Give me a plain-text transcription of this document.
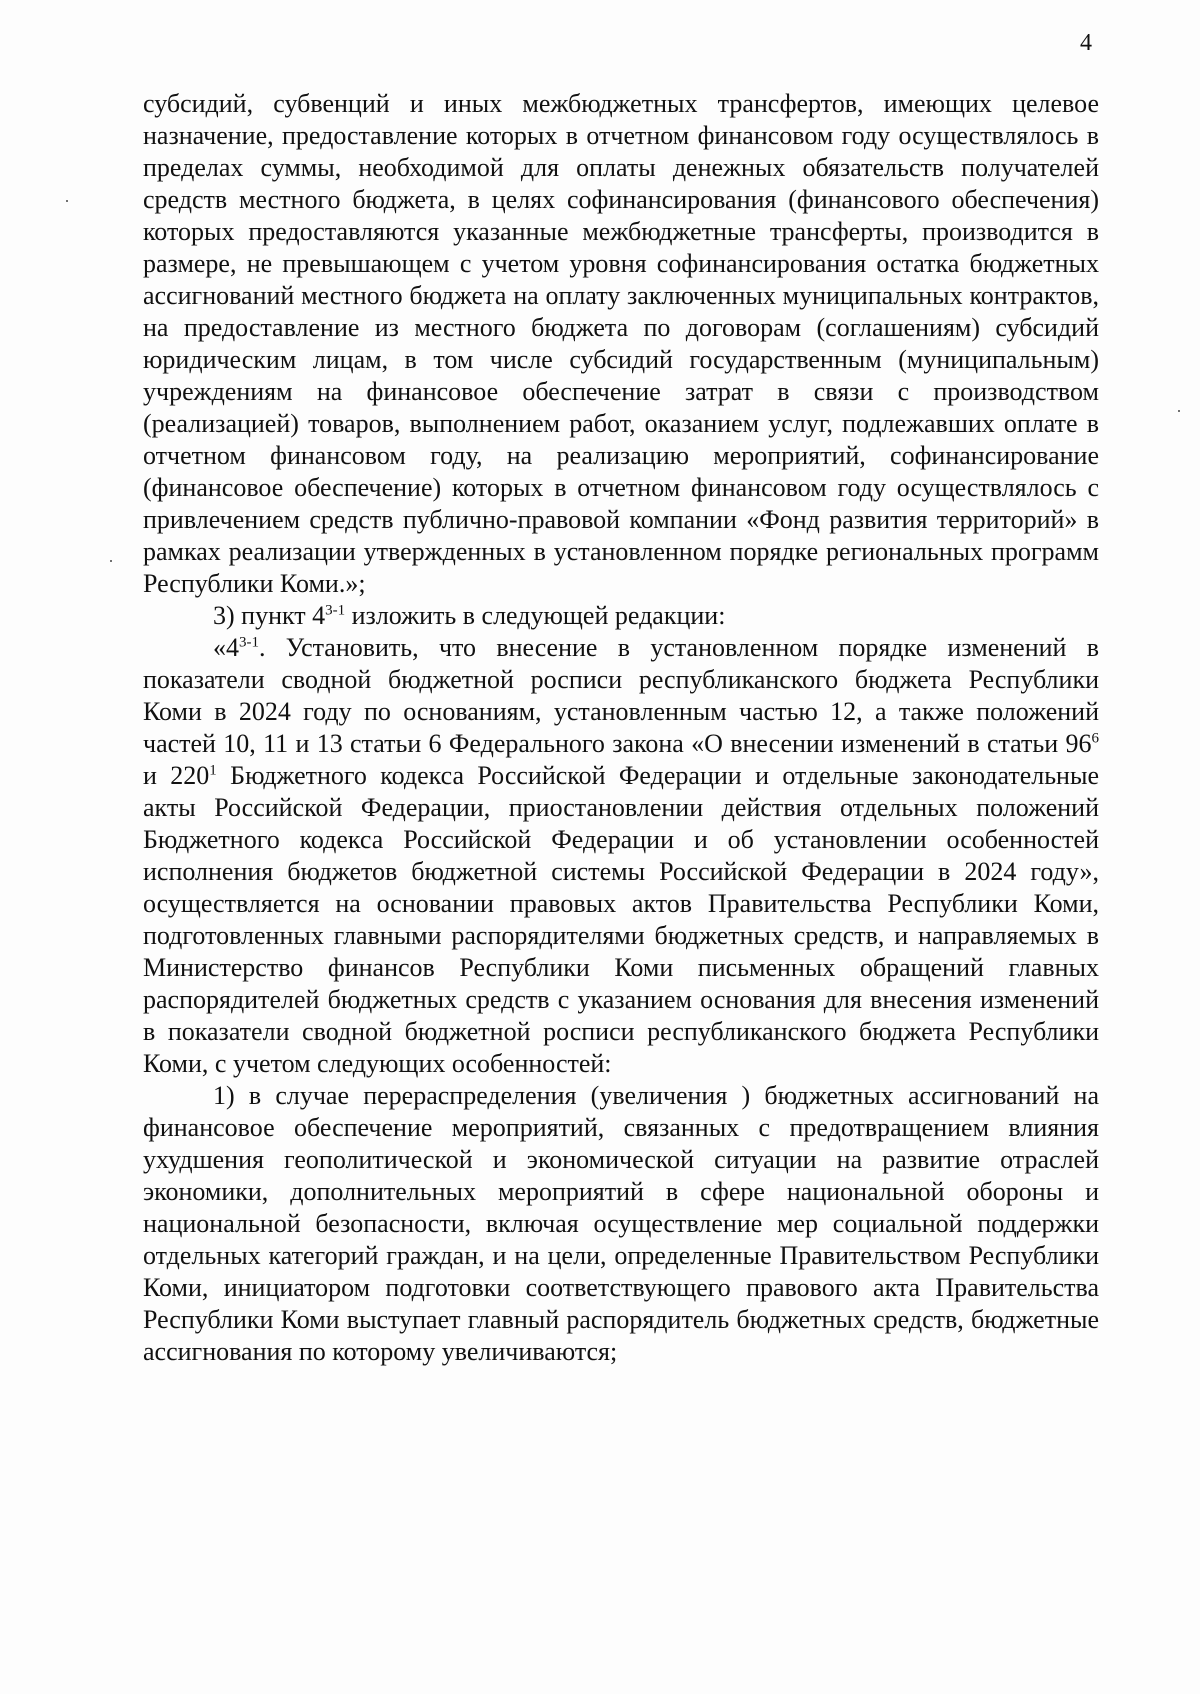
4

субсидий, субвенций и иных межбюджетных трансфертов, имеющих целевое назначение, предоставление которых в отчетном финансовом году осуществлялось в пределах суммы, необходимой для оплаты денежных обязательств получателей средств местного бюджета, в целях софинансирования (финансового обеспечения) которых предоставляются указанные межбюджетные трансферты, производится в размере, не превышающем с учетом уровня софинансирования остатка бюджетных ассигнований местного бюджета на оплату заключенных муниципальных контрактов, на предоставление из местного бюджета по договорам (соглашениям) субсидий юридическим лицам, в том числе субсидий государственным (муниципальным) учреждениям на финансовое обеспечение затрат в связи с производством (реализацией) товаров, выполнением работ, оказанием услуг, подлежавших оплате в отчетном финансовом году, на реализацию мероприятий, софинансирование (финансовое обеспечение) которых в отчетном финансовом году осуществлялось с привлечением средств публично-правовой компании «Фонд развития территорий» в рамках реализации утвержденных в установленном порядке региональных программ Республики Коми.»;

3) пункт 4$^{3-1}$ изложить в следующей редакции:

«4$^{3-1}$. Установить, что внесение в установленном порядке изменений в показатели сводной бюджетной росписи республиканского бюджета Республики Коми в 2024 году по основаниям, установленным частью 12, а также положений частей 10, 11 и 13 статьи 6 Федерального закона «О внесении изменений в статьи $96^6$ и $220^1$ Бюджетного кодекса Российской Федерации и отдельные законодательные акты Российской Федерации, приостановлении действия отдельных положений Бюджетного кодекса Российской Федерации и об установлении особенностей исполнения бюджетов бюджетной системы Российской Федерации в 2024 году», осуществляется на основании правовых актов Правительства Республики Коми, подготовленных главными распорядителями бюджетных средств, и направляемых в Министерство финансов Республики Коми письменных обращений главных распорядителей бюджетных средств с указанием основания для внесения изменений в показатели сводной бюджетной росписи республиканского бюджета Республики Коми, с учетом следующих особенностей:

1) в случае перераспределения (увеличения ) бюджетных ассигнований на финансовое обеспечение мероприятий, связанных с предотвращением влияния ухудшения геополитической и экономической ситуации на развитие отраслей экономики, дополнительных мероприятий в сфере национальной обороны и национальной безопасности, включая осуществление мер социальной поддержки отдельных категорий граждан, и на цели, определенные Правительством Республики Коми, инициатором подготовки соответствующего правового акта Правительства Республики Коми выступает главный распорядитель бюджетных средств, бюджетные ассигнования по которому увеличиваются;
